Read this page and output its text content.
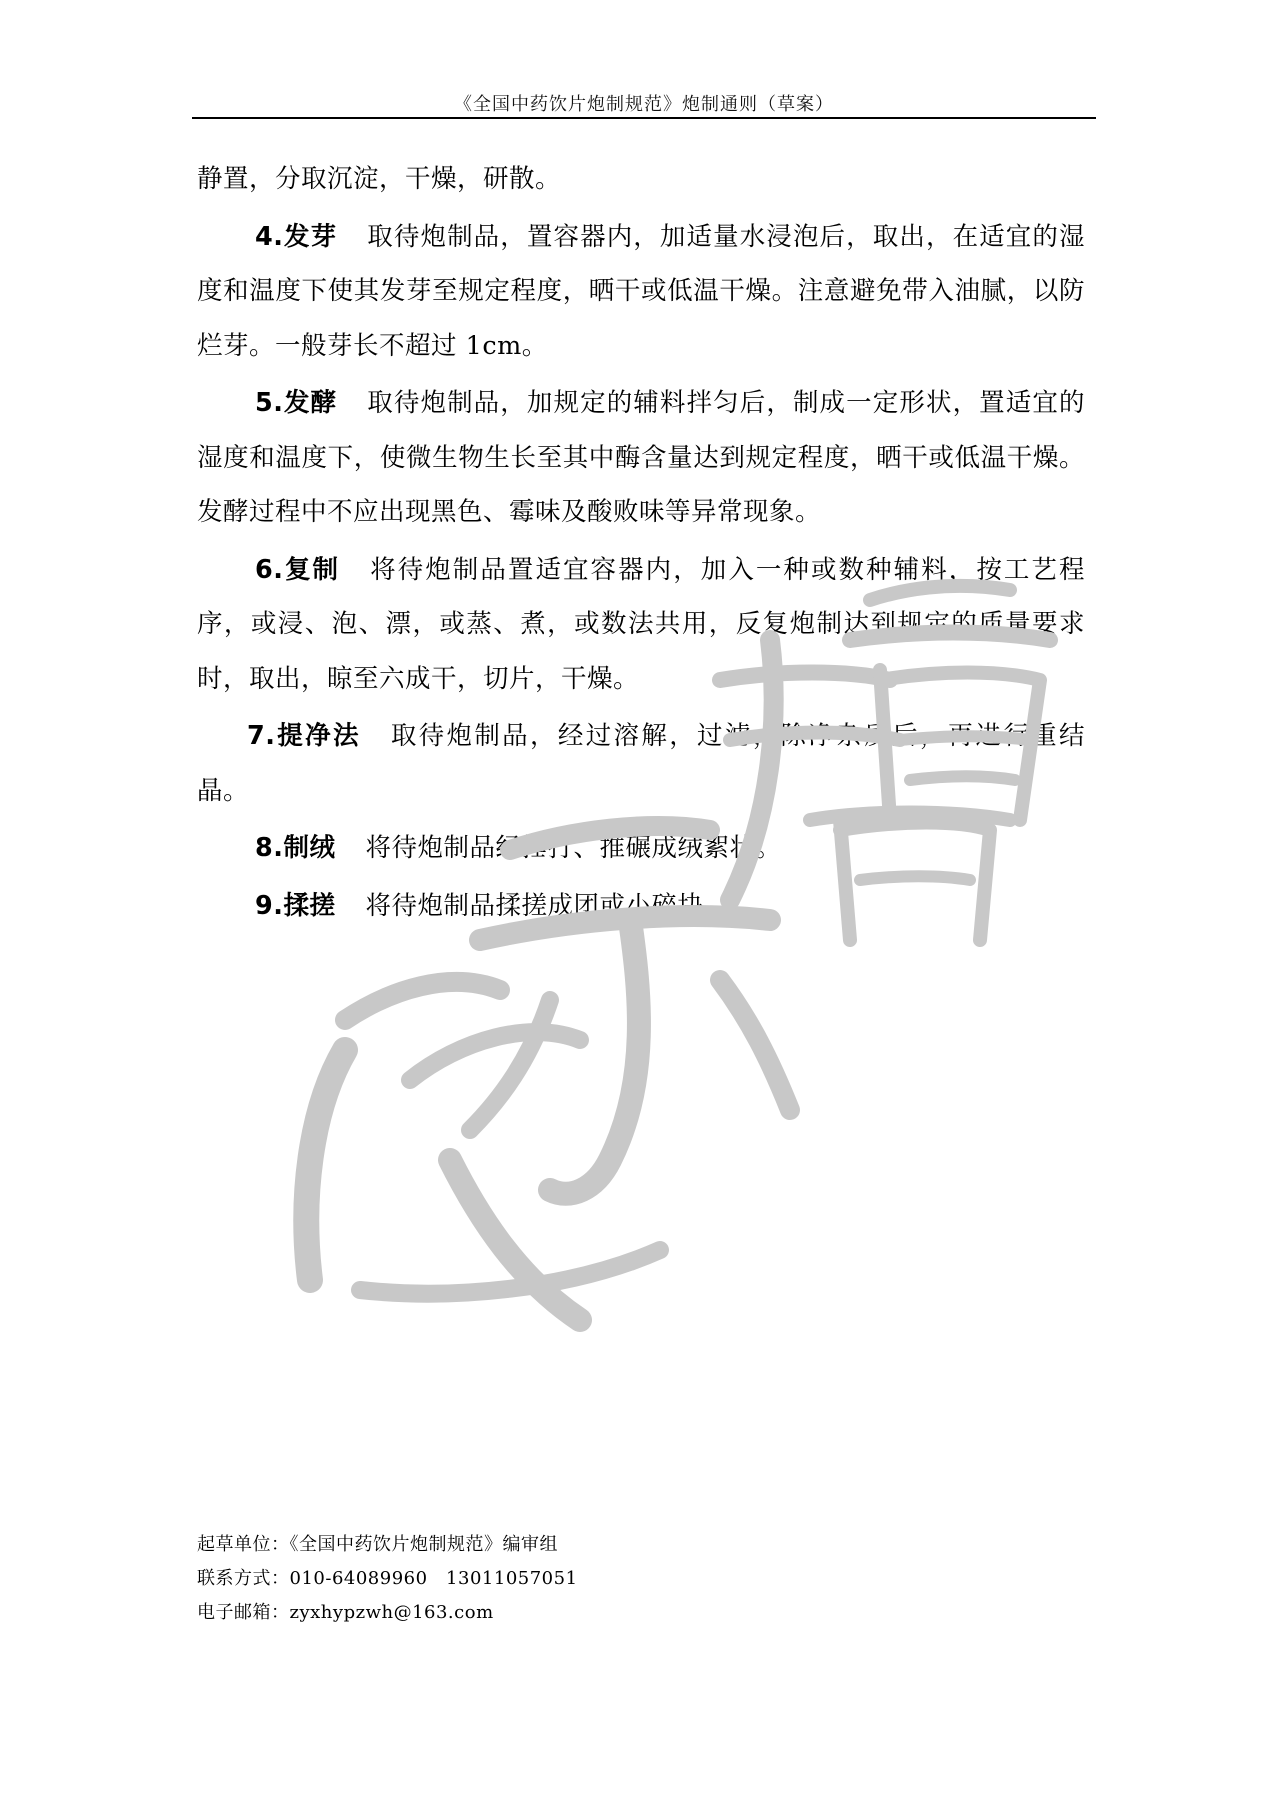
《全国中药饮片炮制规范》炮制通则（草案）

静置，分取沉淀，干燥，研散。

4.发芽 取待炮制品，置容器内，加适量水浸泡后，取出，在适宜的湿度和温度下使其发芽至规定程度，晒干或低温干燥。注意避免带入油腻，以防烂芽。一般芽长不超过 1cm。

5.发酵 取待炮制品，加规定的辅料拌匀后，制成一定形状，置适宜的湿度和温度下，使微生物生长至其中酶含量达到规定程度，晒干或低温干燥。发酵过程中不应出现黑色、霉味及酸败味等异常现象。

6.复制 将待炮制品置适宜容器内，加入一种或数种辅料，按工艺程序，或浸、泡、漂，或蒸、煮，或数法共用，反复炮制达到规定的质量要求时，取出，晾至六成干，切片，干燥。

7.提净法 取待炮制品，经过溶解，过滤，除净杂质后，再进行重结晶。

8.制绒 将待炮制品经捶打、推碾成绒絮状。

9.揉搓 将待炮制品揉搓成团或小碎块。

起草单位：《全国中药饮片炮制规范》编审组
联系方式：010-64089960　13011057051
电子邮箱：zyxhypzwh@163.com
